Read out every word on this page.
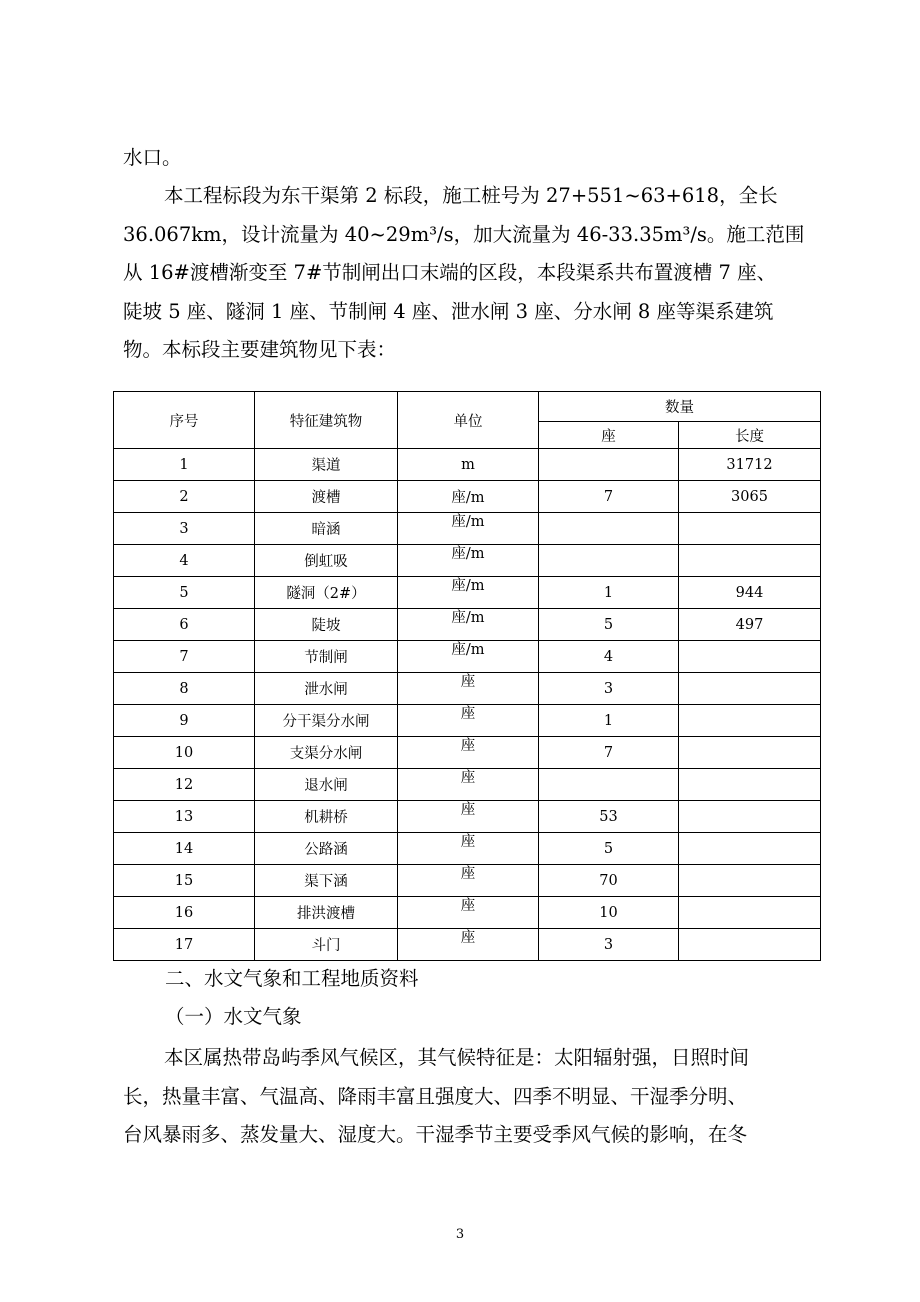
水口。

本工程标段为东干渠第 2 标段，施工桩号为 27+551~63+618，全长
36.067km，设计流量为 40~29m³/s，加大流量为 46-33.35m³/s。施工范围
从 16#渡槽渐变至 7#节制闸出口末端的区段，本段渠系共布置渡槽 7 座、
陡坡 5 座、隧洞 1 座、节制闸 4 座、泄水闸 3 座、分水闸 8 座等渠系建筑
物。本标段主要建筑物见下表：

序号	特征建筑物	单位	数量	
			座	长度
1	渠道	m		31712
2	渡槽	座/m	7	3065
3	暗涵	座/m		
4	倒虹吸	座/m		
5	隧洞（2#）	座/m	1	944
6	陡坡	座/m	5	497
7	节制闸	座/m	4	
8	泄水闸	座	3	
9	分干渠分水闸	座	1	
10	支渠分水闸	座	7	
12	退水闸	座		
13	机耕桥	座	53	
14	公路涵	座	5	
15	渠下涵	座	70	
16	排洪渡槽	座	10	
17	斗门	座	3	

二、水文气象和工程地质资料

（一）水文气象

本区属热带岛屿季风气候区，其气候特征是：太阳辐射强，日照时间
长，热量丰富、气温高、降雨丰富且强度大、四季不明显、干湿季分明、
台风暴雨多、蒸发量大、湿度大。干湿季节主要受季风气候的影响，在冬

3
